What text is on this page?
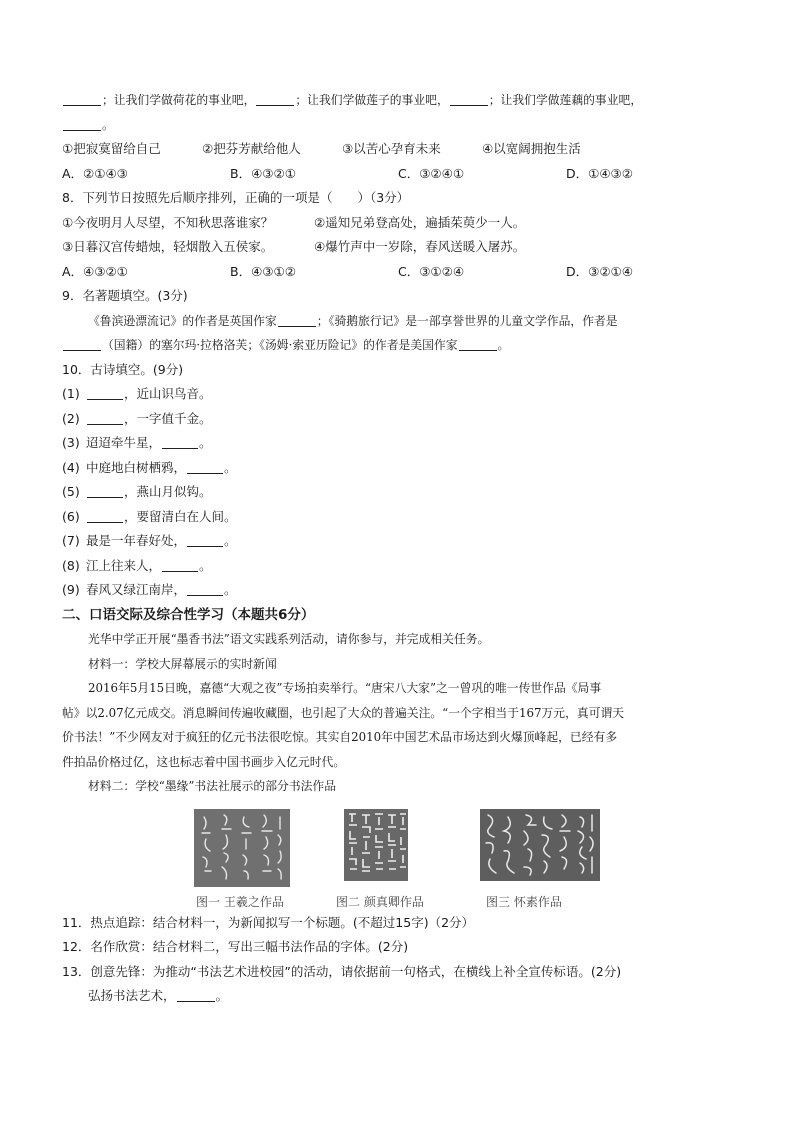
；让我们学做荷花的事业吧，	；让我们学做莲子的事业吧，	；让我们学做莲藕的事业吧，
。
①把寂寞留给自己	②把芬芳献给他人	③以苦心孕育未来	④以宽阔拥抱生活
A．②①④③	B．④③②①	C．③②④①	D．①④③②
8．下列节日按照先后顺序排列，正确的一项是（　　）（3分）
①今夜明月人尽望，不知秋思落谁家？	②遥知兄弟登高处，遍插茱萸少一人。
③日暮汉宫传蜡烛，轻烟散入五侯家。	④爆竹声中一岁除，春风送暖入屠苏。
A．④③②①	B．④③①②	C．③①②④	D．③②①④
9．名著题填空。(3分)
《鲁滨逊漂流记》的作者是英国作家	；《骑鹅旅行记》是一部享誉世界的儿童文学作品，作者是
（国籍）的塞尔玛·拉格洛芙；《汤姆·索亚历险记》的作者是美国作家	。
10．古诗填空。(9分)
(1)	，近山识鸟音。
(2)	，一字值千金。
(3) 迢迢牵牛星，	。
(4) 中庭地白树栖鸦，	。
(5)	，燕山月似钩。
(6)	，要留清白在人间。
(7) 最是一年春好处，	。
(8) 江上往来人，	。
(9) 春风又绿江南岸，	。
二、口语交际及综合性学习（本题共6分）
光华中学正开展“墨香书法”语文实践系列活动，请你参与，并完成相关任务。
材料一：学校大屏幕展示的实时新闻
2016年5月15日晚，嘉德“大观之夜”专场拍卖举行。“唐宋八大家”之一曾巩的唯一传世作品《局事
帖》以2.07亿元成交。消息瞬间传遍收藏圈，也引起了大众的普遍关注。“一个字相当于167万元，真可谓天
价书法！”不少网友对于疯狂的亿元书法很吃惊。其实自2010年中国艺术品市场达到火爆顶峰起，已经有多
件拍品价格过亿，这也标志着中国书画步入亿元时代。
材料二：学校“墨缘”书法社展示的部分书法作品
图一 王羲之作品	图二 颜真卿作品	图三 怀素作品
11．热点追踪：结合材料一，为新闻拟写一个标题。(不超过15字)（2分）
12．名作欣赏：结合材料二，写出三幅书法作品的字体。(2分)
13．创意先锋：为推动“书法艺术进校园”的活动，请依据前一句格式，在横线上补全宣传标语。(2分)
弘扬书法艺术，	。
